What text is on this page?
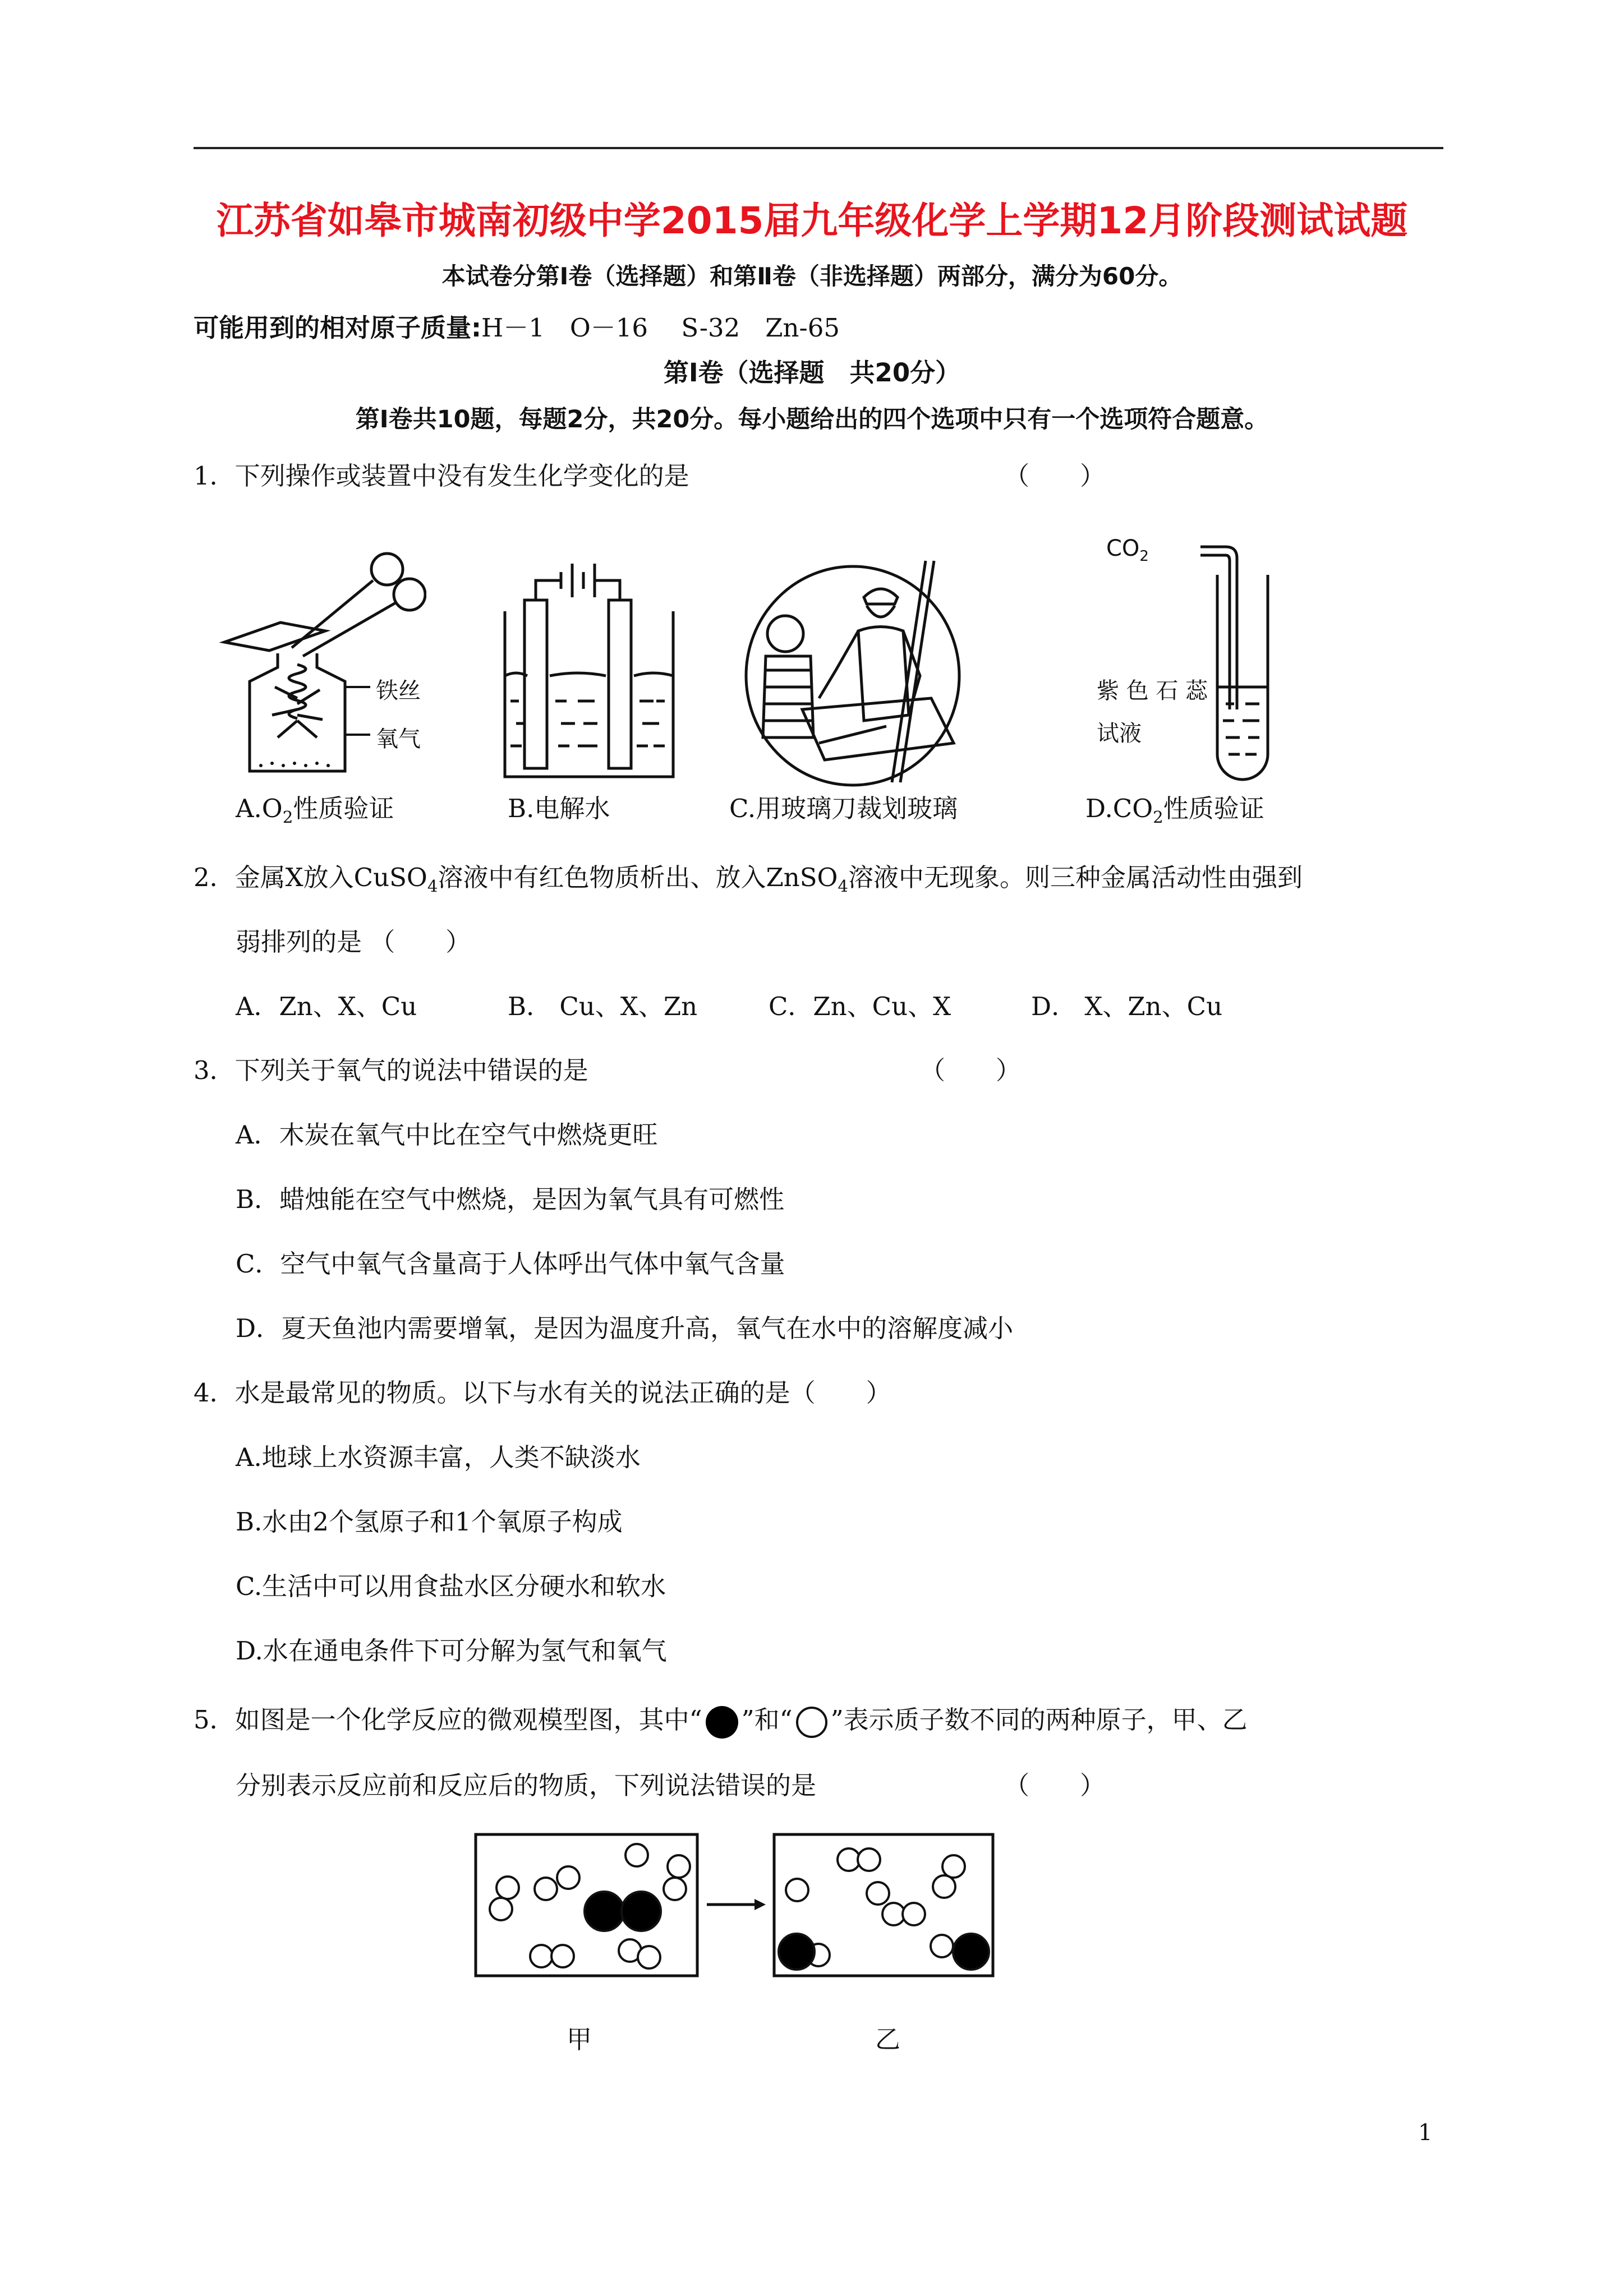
江苏省如皋市城南初级中学2015届九年级化学上学期12月阶段测试试题
本试卷分第Ⅰ卷（选择题）和第Ⅱ卷（非选择题）两部分，满分为60分。
可能用到的相对原子质量:H－1　O－16　 S-32　Zn-65
第Ⅰ卷（选择题　共20分）
第Ⅰ卷共10题，每题2分，共20分。每小题给出的四个选项中只有一个选项符合题意。
1．下列操作或装置中没有发生化学变化的是	（　　）
铁丝
氧气
$CO_2$
紫 色 石 蕊
试液
$A.O_2$性质验证	B.电解水	C.用玻璃刀裁划玻璃	$D.CO_2$性质验证
2．金属X放入CuSO$_4$溶液中有红色物质析出、放入ZnSO$_4$溶液中无现象。则三种金属活动性由强到
弱排列的是 （　　）
A．Zn、X、Cu	B． Cu、X、Zn	C．Zn、Cu、X	D． X、Zn、Cu
3．下列关于氧气的说法中错误的是	（　　）
A．木炭在氧气中比在空气中燃烧更旺
B．蜡烛能在空气中燃烧，是因为氧气具有可燃性
C．空气中氧气含量高于人体呼出气体中氧气含量
D．夏天鱼池内需要增氧，是因为温度升高，氧气在水中的溶解度减小
4．水是最常见的物质。以下与水有关的说法正确的是（　　）
A.地球上水资源丰富，人类不缺淡水
B.水由2个氢原子和1个氧原子构成
C.生活中可以用食盐水区分硬水和软水
D.水在通电条件下可分解为氢气和氧气
5．如图是一个化学反应的微观模型图，其中“ ”和“ ”表示质子数不同的两种原子，甲、乙
分别表示反应前和反应后的物质，下列说法错误的是	（　　）
甲	乙
1
